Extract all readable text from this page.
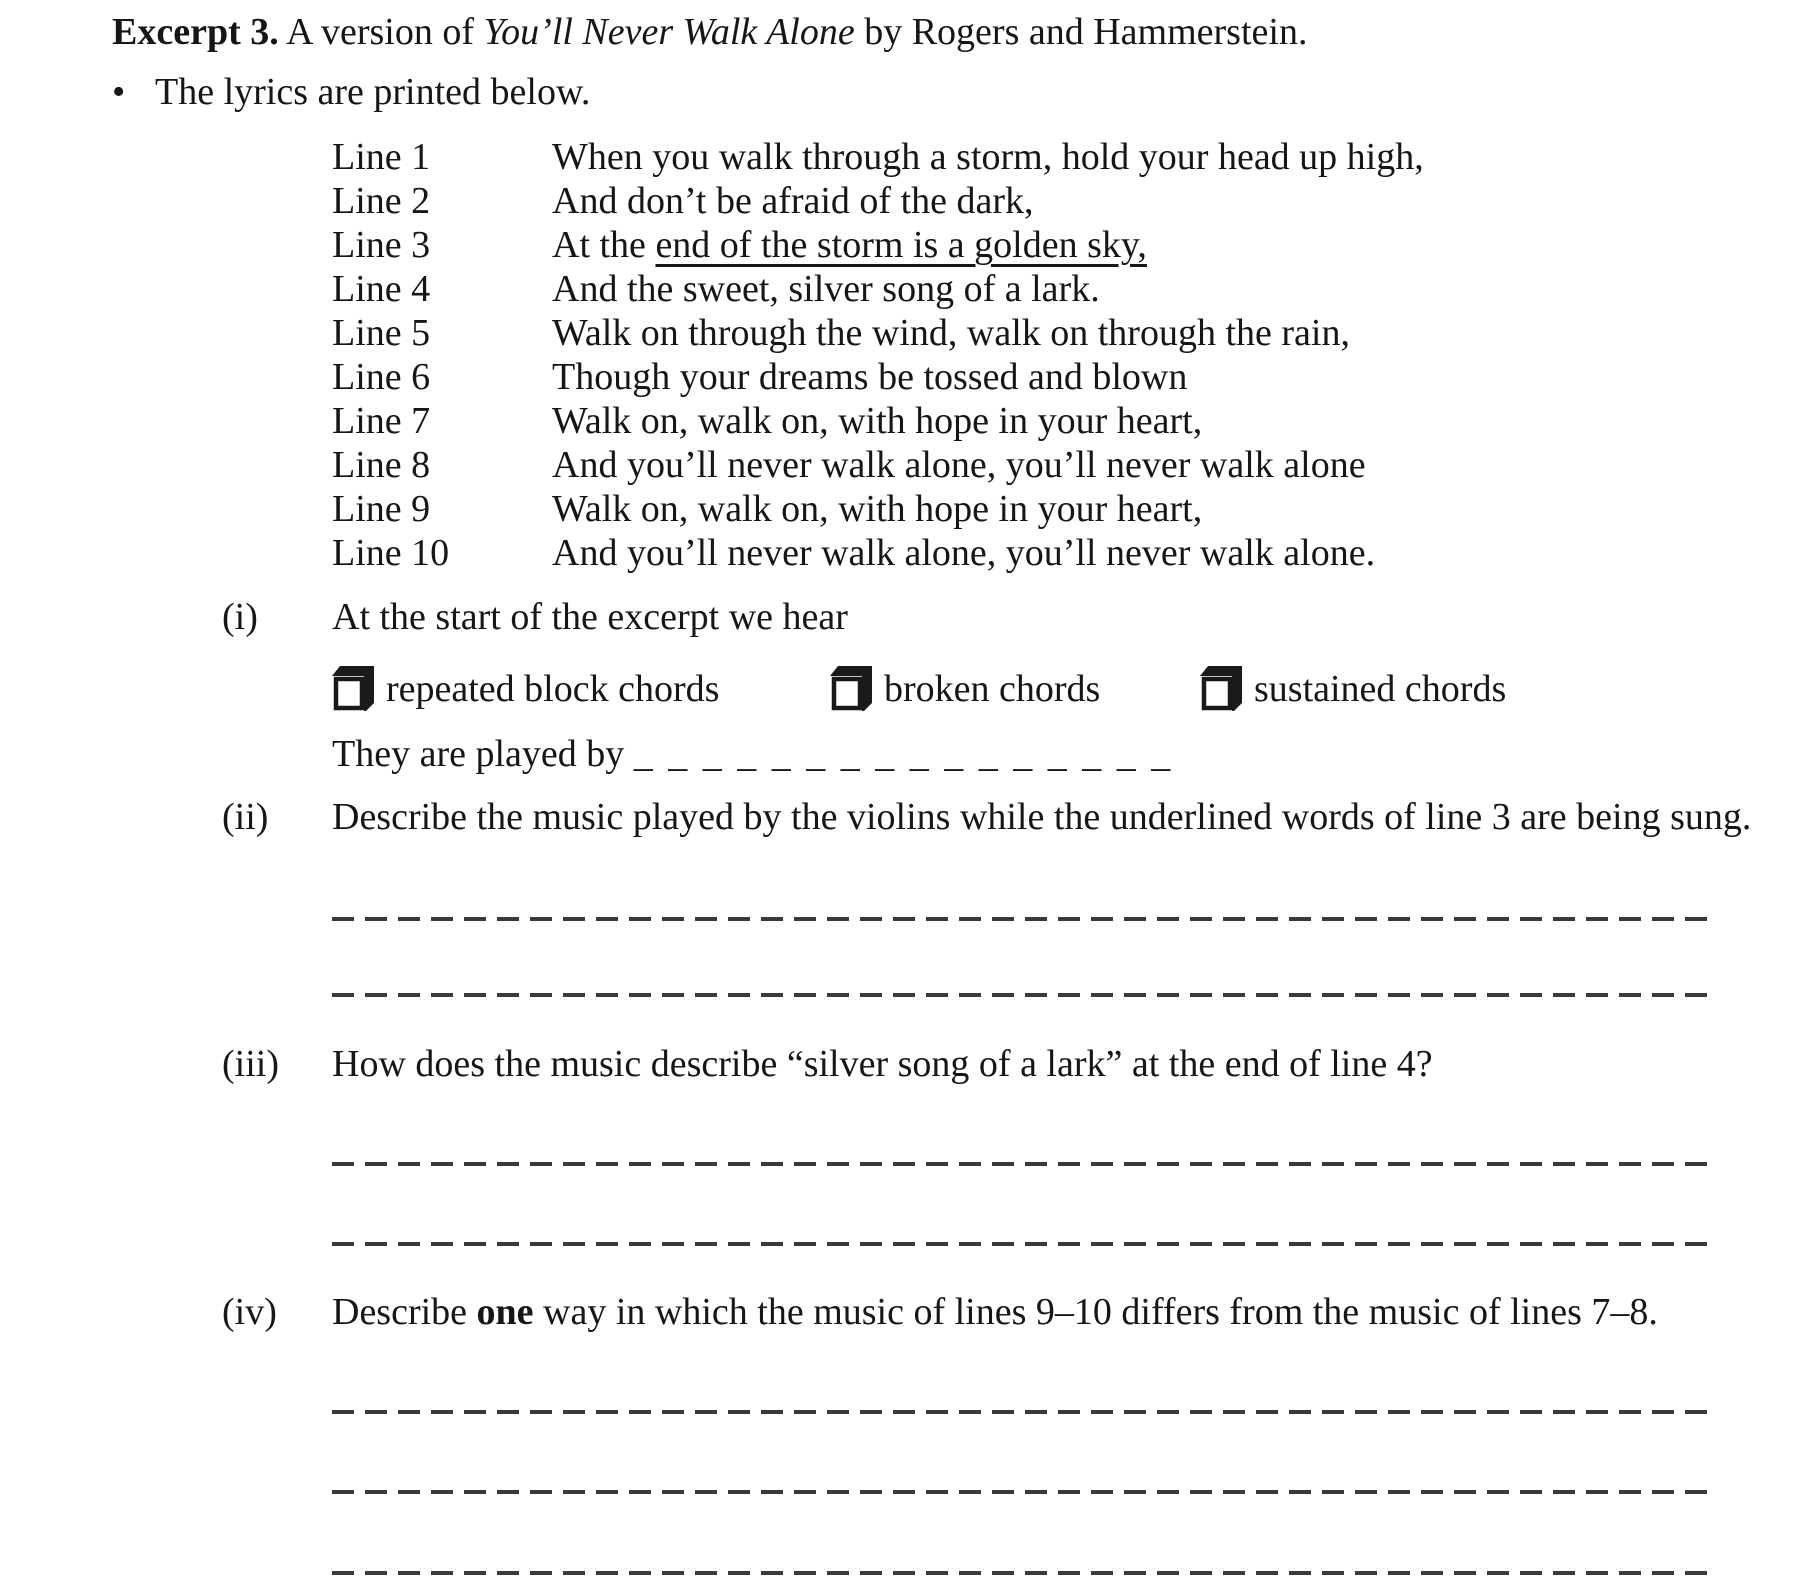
Excerpt 3. A version of You’ll Never Walk Alone by Rogers and Hammerstein.
• The lyrics are printed below.
Line 1	When you walk through a storm, hold your head up high,
Line 2	And don’t be afraid of the dark,
Line 3	At the end of the storm is a golden sky,
Line 4	And the sweet, silver song of a lark.
Line 5	Walk on through the wind, walk on through the rain,
Line 6	Though your dreams be tossed and blown
Line 7	Walk on, walk on, with hope in your heart,
Line 8	And you’ll never walk alone, you’ll never walk alone
Line 9	Walk on, walk on, with hope in your heart,
Line 10	And you’ll never walk alone, you’ll never walk alone.
(i)	At the start of the excerpt we hear
repeated block chords	broken chords	sustained chords
They are played by _ _ _ _ _ _ _ _ _ _ _ _ _ _ _ _
(ii)	Describe the music played by the violins while the underlined words of line 3 are being sung.
(iii)	How does the music describe “silver song of a lark” at the end of line 4?
(iv)	Describe one way in which the music of lines 9–10 differs from the music of lines 7–8.
